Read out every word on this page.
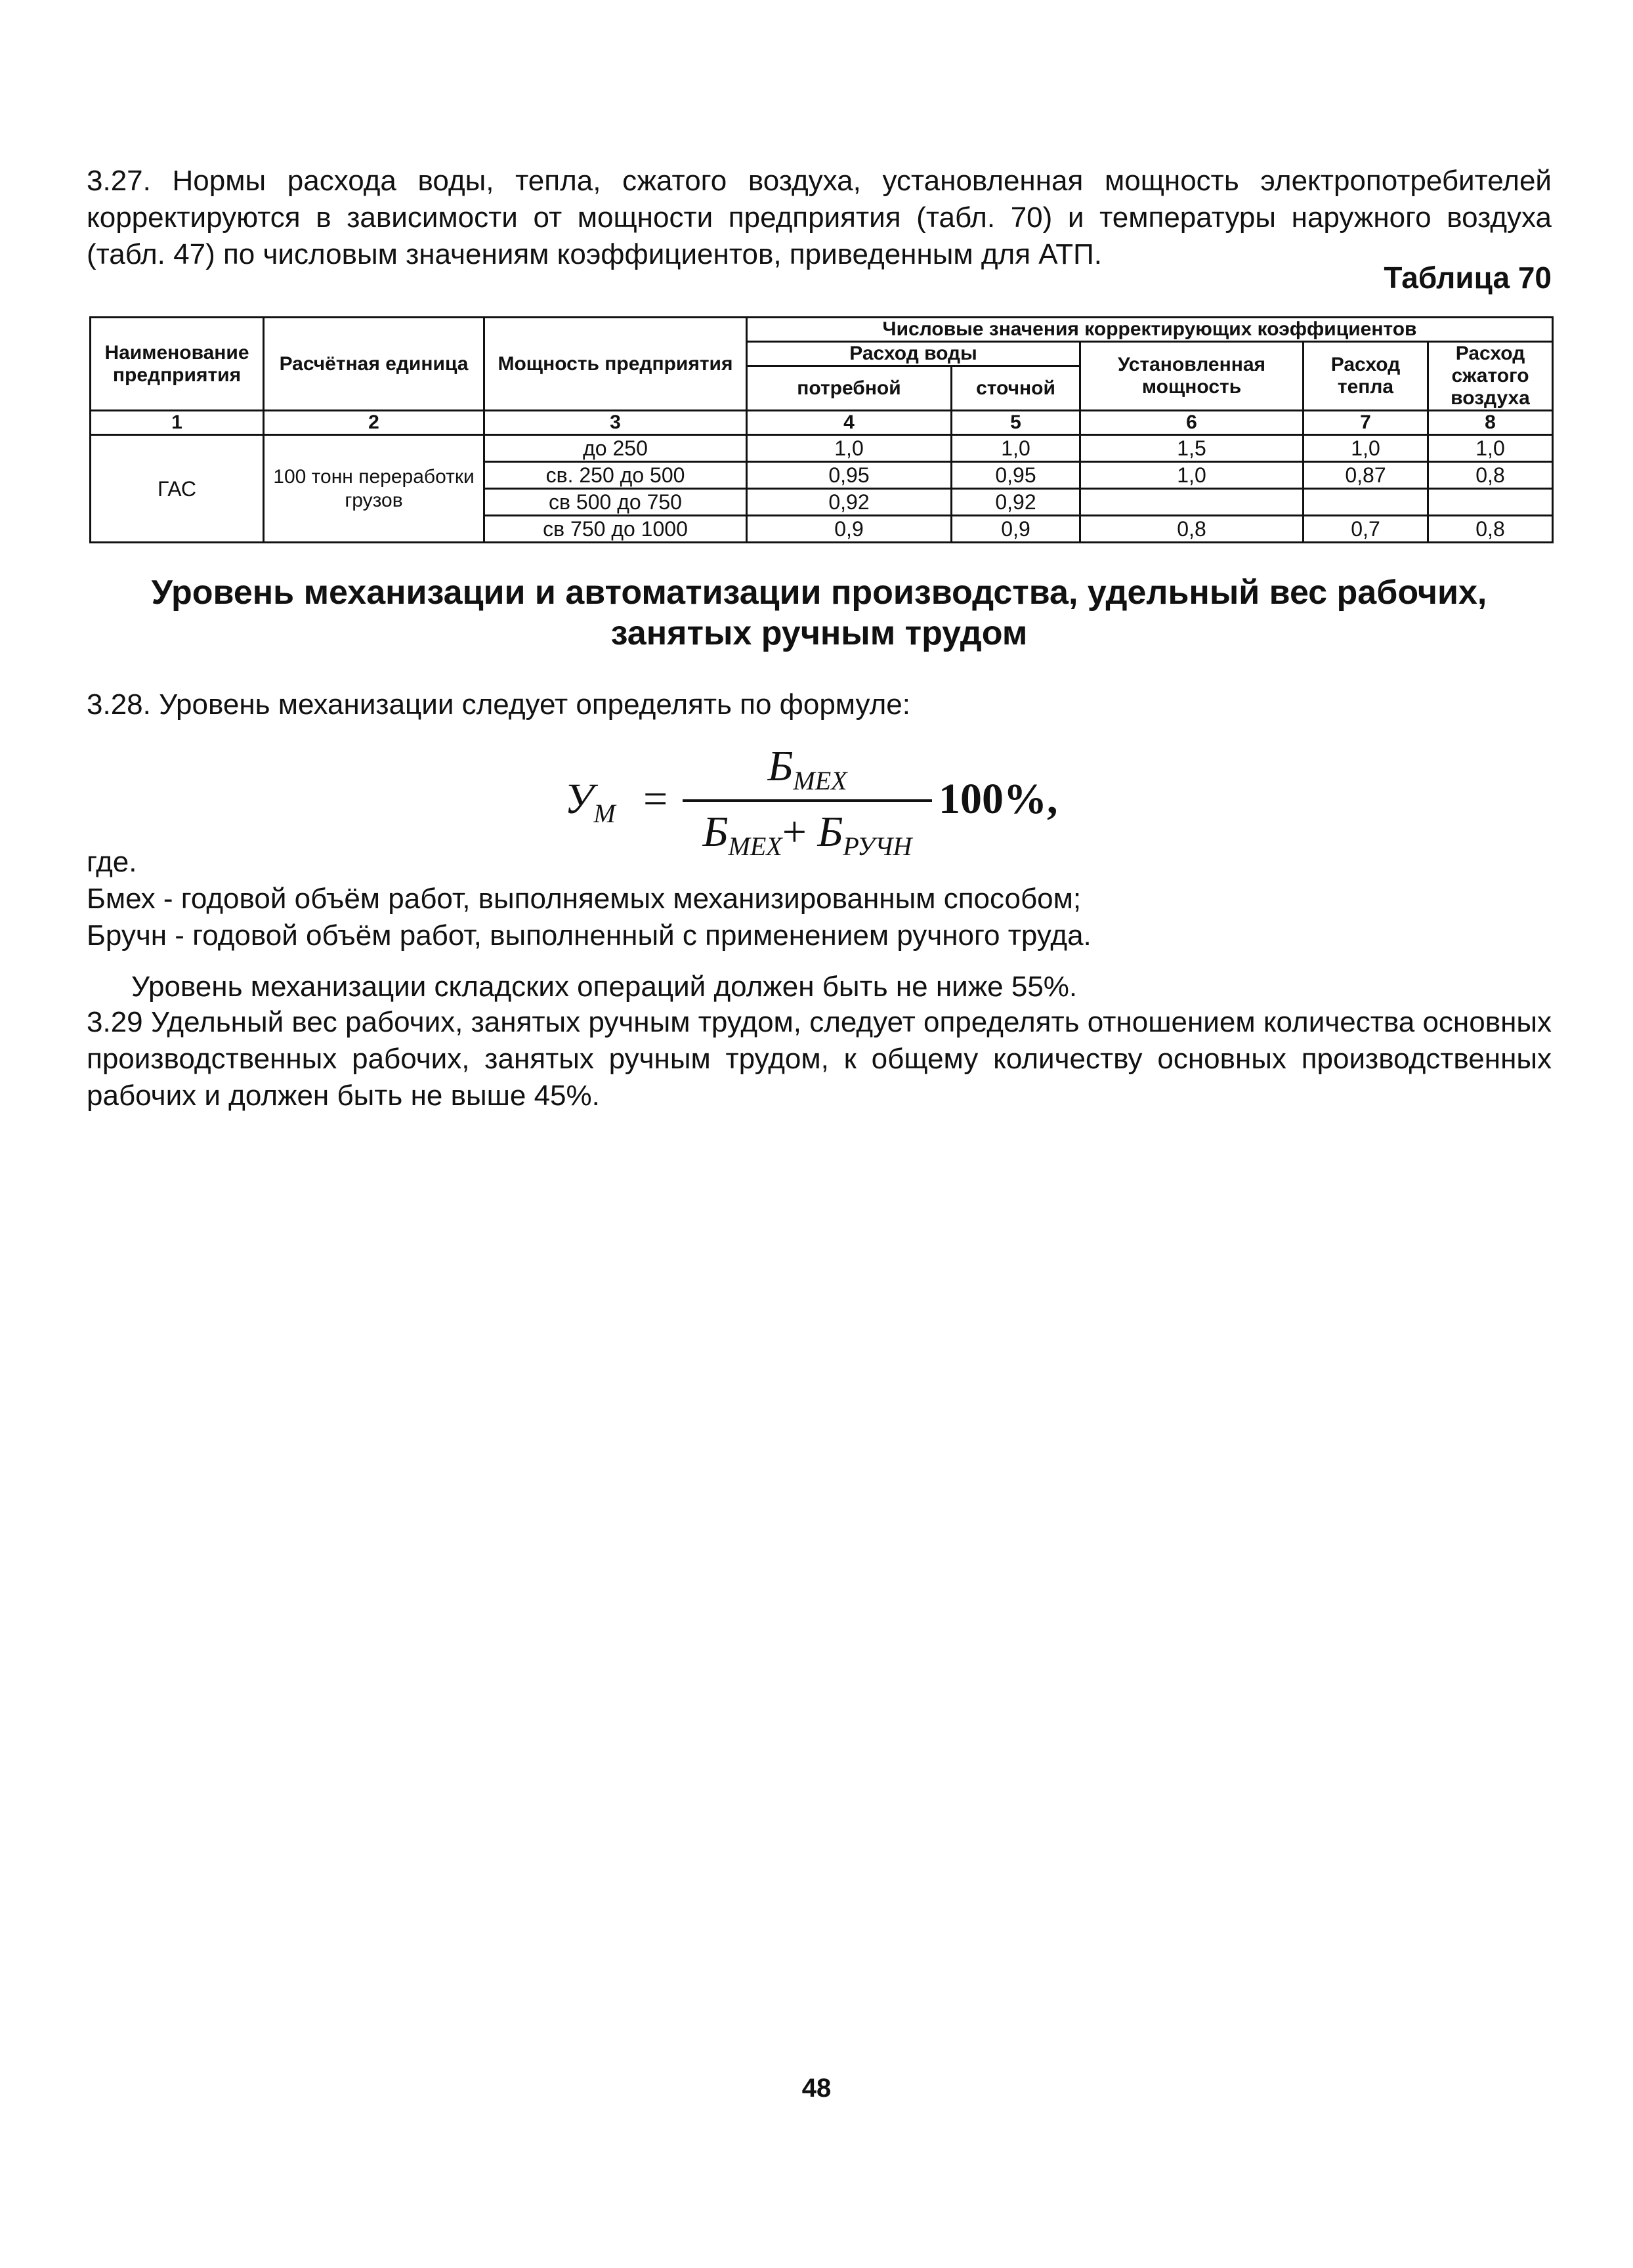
3.27. Нормы расхода воды, тепла, сжатого воздуха, установленная мощность электропотребителей корректируются в зависимости от мощности предприятия (табл. 70) и температуры наружного воздуха (табл. 47) по числовым значениям коэффициентов, приведенным для АТП.

Таблица 70
Наименование предприятия	Расчётная единица	Мощность предприятия	Числовые значения корректирующих коэффициентов				
			Расход воды		Установленная мощность	Расход тепла	Расход сжатого воздуха
			потребной	сточной			
1	2	3	4	5	6	7	8
ГАС	100 тонн переработки грузов	до 250	1,0	1,0	1,5	1,0	1,0
		св. 250 до 500	0,95	0,95	1,0	0,87	0,8
		св 500 до 750	0,92	0,92			
		св 750 до 1000	0,9	0,9	0,8	0,7	0,8
Уровень механизации и автоматизации производства, удельный вес рабочих, занятых ручным трудом

3.28. Уровень механизации следует определять по формуле:

$У_М$ =
$Б_{МЕХ}$
$Б_{МЕХ}+ Б_{РУЧН}$
100%,

где.

Бмех - годовой объём работ, выполняемых механизированным способом;

Бручн - годовой объём работ, выполненный с применением ручного труда.

Уровень механизации складских операций должен быть не ниже 55%.

3.29 Удельный вес рабочих, занятых ручным трудом, следует определять отношением количества основных производственных рабочих, занятых ручным трудом, к общему количеству основных производственных рабочих и должен быть не выше 45%.

48
